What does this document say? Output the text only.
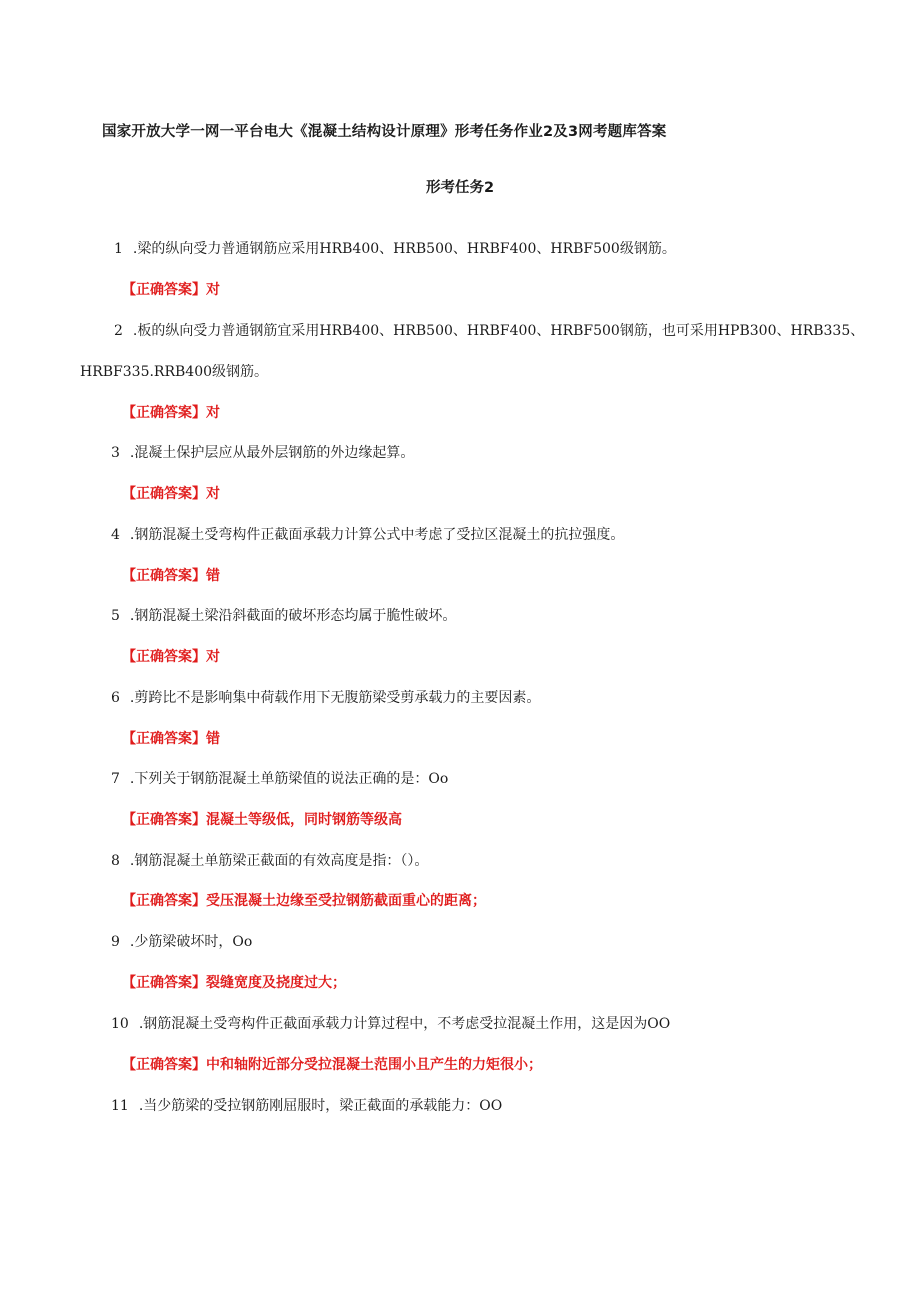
国家开放大学一网一平台电大《混凝土结构设计原理》形考任务作业2及3网考题库答案
形考任务2
1 .梁的纵向受力普通钢筋应采用HRB400、HRB500、HRBF400、HRBF500级钢筋。
【正确答案】对
2 .板的纵向受力普通钢筋宜采用HRB400、HRB500、HRBF400、HRBF500钢筋，也可采用HPB300、HRB335、
HRBF335.RRB400级钢筋。
【正确答案】对
3 .混凝土保护层应从最外层钢筋的外边缘起算。
【正确答案】对
4 .钢筋混凝土受弯构件正截面承载力计算公式中考虑了受拉区混凝土的抗拉强度。
【正确答案】错
5 .钢筋混凝土梁沿斜截面的破坏形态均属于脆性破坏。
【正确答案】对
6 .剪跨比不是影响集中荷载作用下无腹筋梁受剪承载力的主要因素。
【正确答案】错
7 .下列关于钢筋混凝土单筋梁值的说法正确的是：Oo
【正确答案】混凝土等级低，同时钢筋等级高
8 .钢筋混凝土单筋梁正截面的有效高度是指：（）。
【正确答案】受压混凝土边缘至受拉钢筋截面重心的距离；
9 .少筋梁破坏时，Oo
【正确答案】裂缝宽度及挠度过大；
10 .钢筋混凝土受弯构件正截面承载力计算过程中，不考虑受拉混凝土作用，这是因为OO
【正确答案】中和轴附近部分受拉混凝土范围小且产生的力矩很小；
11 .当少筋梁的受拉钢筋刚屈服时，梁正截面的承载能力：OO
